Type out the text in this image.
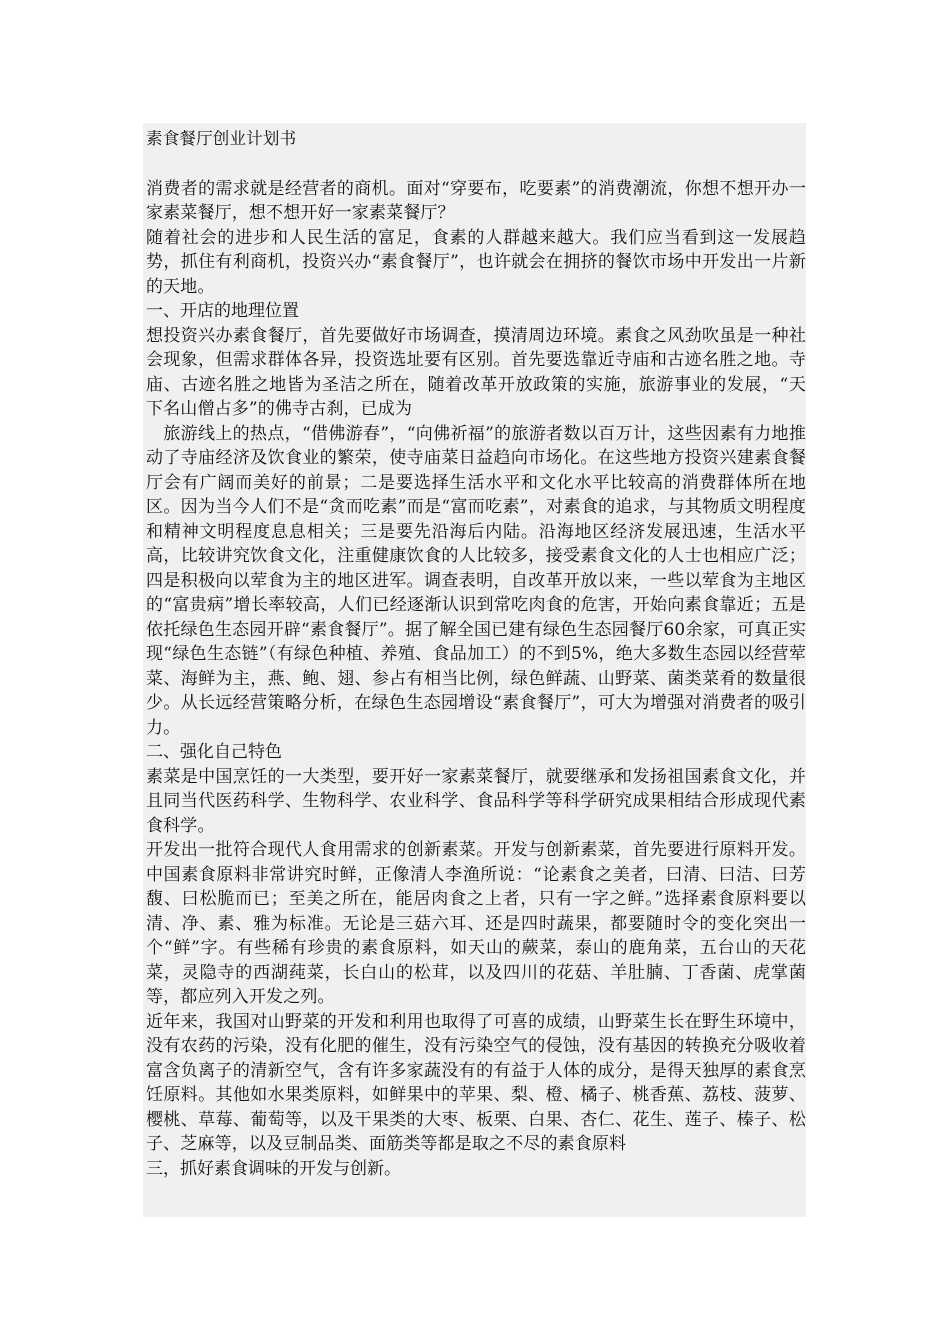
素食餐厅创业计划书

消费者的需求就是经营者的商机。面对“穿要布，吃要素”的消费潮流，你想不想开办一家素菜餐厅，想不想开好一家素菜餐厅？

随着社会的进步和人民生活的富足，食素的人群越来越大。我们应当看到这一发展趋势，抓住有利商机，投资兴办“素食餐厅”，也许就会在拥挤的餐饮市场中开发出一片新的天地。

一、开店的地理位置

想投资兴办素食餐厅，首先要做好市场调查，摸清周边环境。素食之风劲吹虽是一种社会现象，但需求群体各异，投资选址要有区别。首先要选靠近寺庙和古迹名胜之地。寺庙、古迹名胜之地皆为圣洁之所在，随着改革开放政策的实施，旅游事业的发展，“天下名山僧占多”的佛寺古刹，已成为

　旅游线上的热点，“借佛游春”，“向佛祈福”的旅游者数以百万计，这些因素有力地推动了寺庙经济及饮食业的繁荣，使寺庙菜日益趋向市场化。在这些地方投资兴建素食餐厅会有广阔而美好的前景；二是要选择生活水平和文化水平比较高的消费群体所在地区。因为当今人们不是“贪而吃素”而是“富而吃素”，对素食的追求，与其物质文明程度和精神文明程度息息相关；三是要先沿海后内陆。沿海地区经济发展迅速，生活水平高，比较讲究饮食文化，注重健康饮食的人比较多，接受素食文化的人士也相应广泛；四是积极向以荤食为主的地区进军。调查表明，自改革开放以来，一些以荤食为主地区的“富贵病”增长率较高，人们已经逐渐认识到常吃肉食的危害，开始向素食靠近；五是依托绿色生态园开辟“素食餐厅”。据了解全国已建有绿色生态园餐厅60余家，可真正实现“绿色生态链”（有绿色种植、养殖、食品加工）的不到5%，绝大多数生态园以经营荤菜、海鲜为主，燕、鲍、翅、参占有相当比例，绿色鲜蔬、山野菜、菌类菜肴的数量很少。从长远经营策略分析，在绿色生态园增设“素食餐厅”，可大为增强对消费者的吸引力。

二、强化自己特色

素菜是中国烹饪的一大类型，要开好一家素菜餐厅，就要继承和发扬祖国素食文化，并且同当代医药科学、生物科学、农业科学、食品科学等科学研究成果相结合形成现代素食科学。

开发出一批符合现代人食用需求的创新素菜。开发与创新素菜，首先要进行原料开发。中国素食原料非常讲究时鲜，正像清人李渔所说：“论素食之美者，曰清、曰洁、曰芳馥、曰松脆而已；至美之所在，能居肉食之上者，只有一字之鲜。”选择素食原料要以清、净、素、雅为标准。无论是三菇六耳、还是四时蔬果，都要随时令的变化突出一个“鲜”字。有些稀有珍贵的素食原料，如天山的蕨菜，泰山的鹿角菜，五台山的天花菜，灵隐寺的西湖莼菜，长白山的松茸，以及四川的花菇、羊肚腩、丁香菌、虎掌菌等，都应列入开发之列。

近年来，我国对山野菜的开发和利用也取得了可喜的成绩，山野菜生长在野生环境中，没有农药的污染，没有化肥的催生，没有污染空气的侵蚀，没有基因的转换充分吸收着富含负离子的清新空气，含有许多家蔬没有的有益于人体的成分，是得天独厚的素食烹饪原料。其他如水果类原料，如鲜果中的苹果、梨、橙、橘子、桃香蕉、荔枝、菠萝、樱桃、草莓、葡萄等，以及干果类的大枣、板栗、白果、杏仁、花生、莲子、榛子、松子、芝麻等，以及豆制品类、面筋类等都是取之不尽的素食原料

三，抓好素食调味的开发与创新。
